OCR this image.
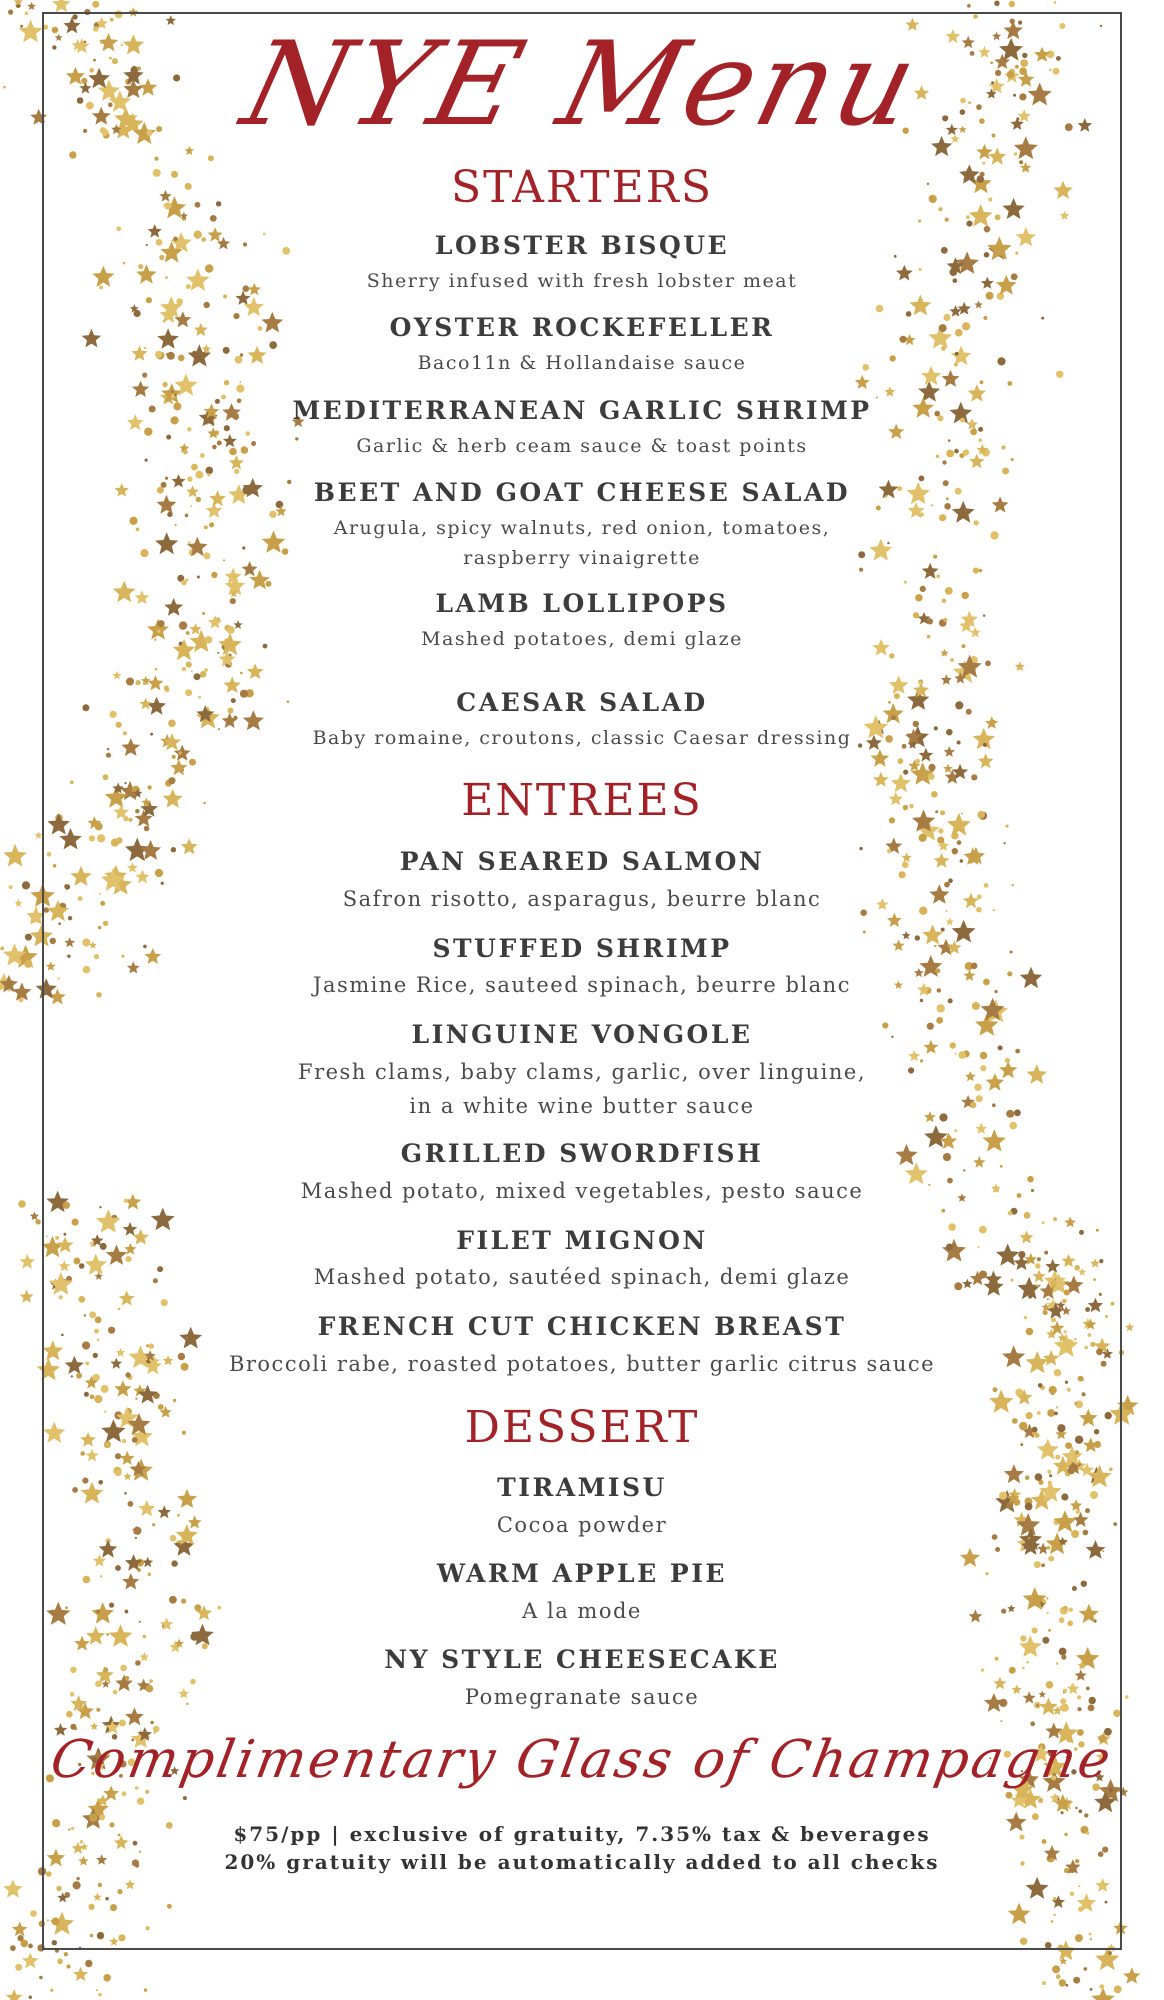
NYE Menu
STARTERS
LOBSTER BISQUE
Sherry infused with fresh lobster meat
OYSTER ROCKEFELLER
Baco11n & Hollandaise sauce
MEDITERRANEAN GARLIC SHRIMP
Garlic & herb ceam sauce & toast points
BEET AND GOAT CHEESE SALAD
Arugula, spicy walnuts, red onion, tomatoes,
raspberry vinaigrette
LAMB LOLLIPOPS
Mashed potatoes, demi glaze
CAESAR SALAD
Baby romaine, croutons, classic Caesar dressing
ENTREES
PAN SEARED SALMON
Safron risotto, asparagus, beurre blanc
STUFFED SHRIMP
Jasmine Rice, sauteed spinach, beurre blanc
LINGUINE VONGOLE
Fresh clams, baby clams, garlic, over linguine,
in a white wine butter sauce
GRILLED SWORDFISH
Mashed potato, mixed vegetables, pesto sauce
FILET MIGNON
Mashed potato, sautéed spinach, demi glaze
FRENCH CUT CHICKEN BREAST
Broccoli rabe, roasted potatoes, butter garlic citrus sauce
DESSERT
TIRAMISU
Cocoa powder
WARM APPLE PIE
A la mode
NY STYLE CHEESECAKE
Pomegranate sauce
Complimentary Glass of Champagne
$75/pp | exclusive of gratuity, 7.35% tax & beverages
20% gratuity will be automatically added to all checks
